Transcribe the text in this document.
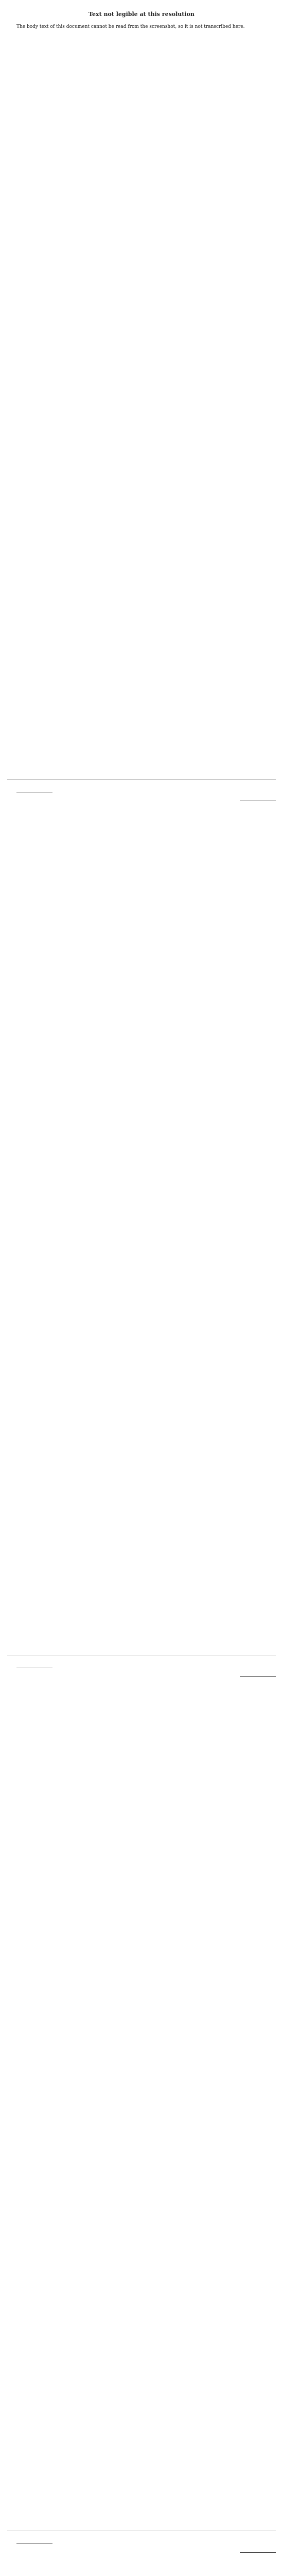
Text not legible at this resolution
The body text of this document cannot be read from the screenshot, so it is not transcribed here.
